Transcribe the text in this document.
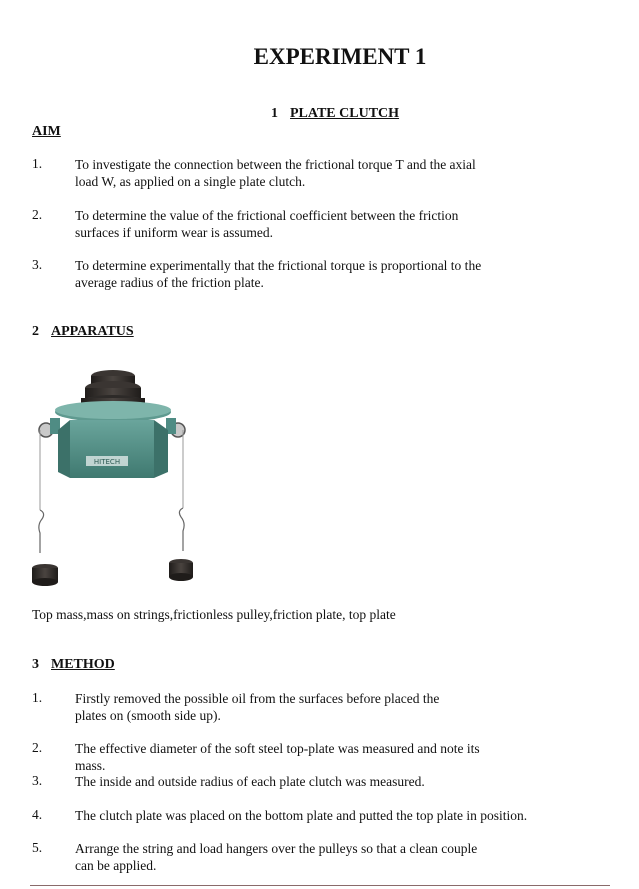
EXPERIMENT 1
1 PLATE CLUTCH
AIM
1. To investigate the connection between the frictional torque T and the axial
load W, as applied on a single plate clutch.
2. To determine the value of the frictional coefficient between the friction
surfaces if uniform wear is assumed.
3. To determine experimentally that the frictional torque is proportional to the
average radius of the friction plate.
2 APPARATUS
HITECH
Top mass,mass on strings,frictionless pulley,friction plate, top plate
3 METHOD
1. Firstly removed the possible oil from the surfaces before placed the
plates on (smooth side up).
2. The effective diameter of the soft steel top-plate was measured and note its
mass.
3. The inside and outside radius of each plate clutch was measured.
4. The clutch plate was placed on the bottom plate and putted the top plate in position.
5. Arrange the string and load hangers over the pulleys so that a clean couple
can be applied.
